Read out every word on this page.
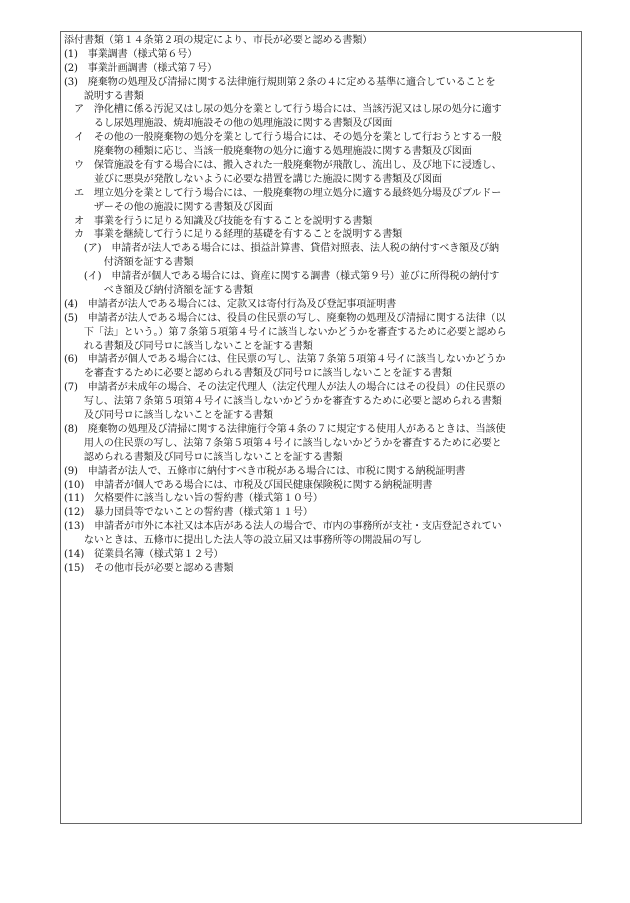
添付書類（第１４条第２項の規定により、市長が必要と認める書類）
(1)　事業調書（様式第６号）
(2)　事業計画調書（様式第７号）
(3)　廃棄物の処理及び清掃に関する法律施行規則第２条の４に定める基準に適合していることを
　　説明する書類
　ア　浄化槽に係る汚泥又はし尿の処分を業として行う場合には、当該汚泥又はし尿の処分に適す
　　　るし尿処理施設、焼却施設その他の処理施設に関する書類及び図面
　イ　その他の一般廃棄物の処分を業として行う場合には、その処分を業として行おうとする一般
　　　廃棄物の種類に応じ、当該一般廃棄物の処分に適する処理施設に関する書類及び図面
　ウ　保管施設を有する場合には、搬入された一般廃棄物が飛散し、流出し、及び地下に浸透し、
　　　並びに悪臭が発散しないように必要な措置を講じた施設に関する書類及び図面
　エ　埋立処分を業として行う場合には、一般廃棄物の埋立処分に適する最終処分場及びブルドー
　　　ザーその他の施設に関する書類及び図面
　オ　事業を行うに足りる知識及び技能を有することを説明する書類
　カ　事業を継続して行うに足りる経理的基礎を有することを説明する書類
　　(ア)　申請者が法人である場合には、損益計算書、貸借対照表、法人税の納付すべき額及び納
　　　　付済額を証する書類
　　(イ)　申請者が個人である場合には、資産に関する調書（様式第９号）並びに所得税の納付す
　　　　べき額及び納付済額を証する書類
(4)　申請者が法人である場合には、定款又は寄付行為及び登記事項証明書
(5)　申請者が法人である場合には、役員の住民票の写し、廃棄物の処理及び清掃に関する法律（以
　　下「法」という。）第７条第５項第４号イに該当しないかどうかを審査するために必要と認めら
　　れる書類及び同号ロに該当しないことを証する書類
(6)　申請者が個人である場合には、住民票の写し、法第７条第５項第４号イに該当しないかどうか
　　を審査するために必要と認められる書類及び同号ロに該当しないことを証する書類
(7)　申請者が未成年の場合、その法定代理人（法定代理人が法人の場合にはその役員）の住民票の
　　写し、法第７条第５項第４号イに該当しないかどうかを審査するために必要と認められる書類
　　及び同号ロに該当しないことを証する書類
(8)　廃棄物の処理及び清掃に関する法律施行令第４条の７に規定する使用人があるときは、当該使
　　用人の住民票の写し、法第７条第５項第４号イに該当しないかどうかを審査するために必要と
　　認められる書類及び同号ロに該当しないことを証する書類
(9)　申請者が法人で、五條市に納付すべき市税がある場合には、市税に関する納税証明書
(10)　申請者が個人である場合には、市税及び国民健康保険税に関する納税証明書
(11)　欠格要件に該当しない旨の誓約書（様式第１０号）
(12)　暴力団員等でないことの誓約書（様式第１１号）
(13)　申請者が市外に本社又は本店がある法人の場合で、市内の事務所が支社・支店登記されてい
　　ないときは、五條市に提出した法人等の設立届又は事務所等の開設届の写し
(14)　従業員名簿（様式第１２号）
(15)　その他市長が必要と認める書類
